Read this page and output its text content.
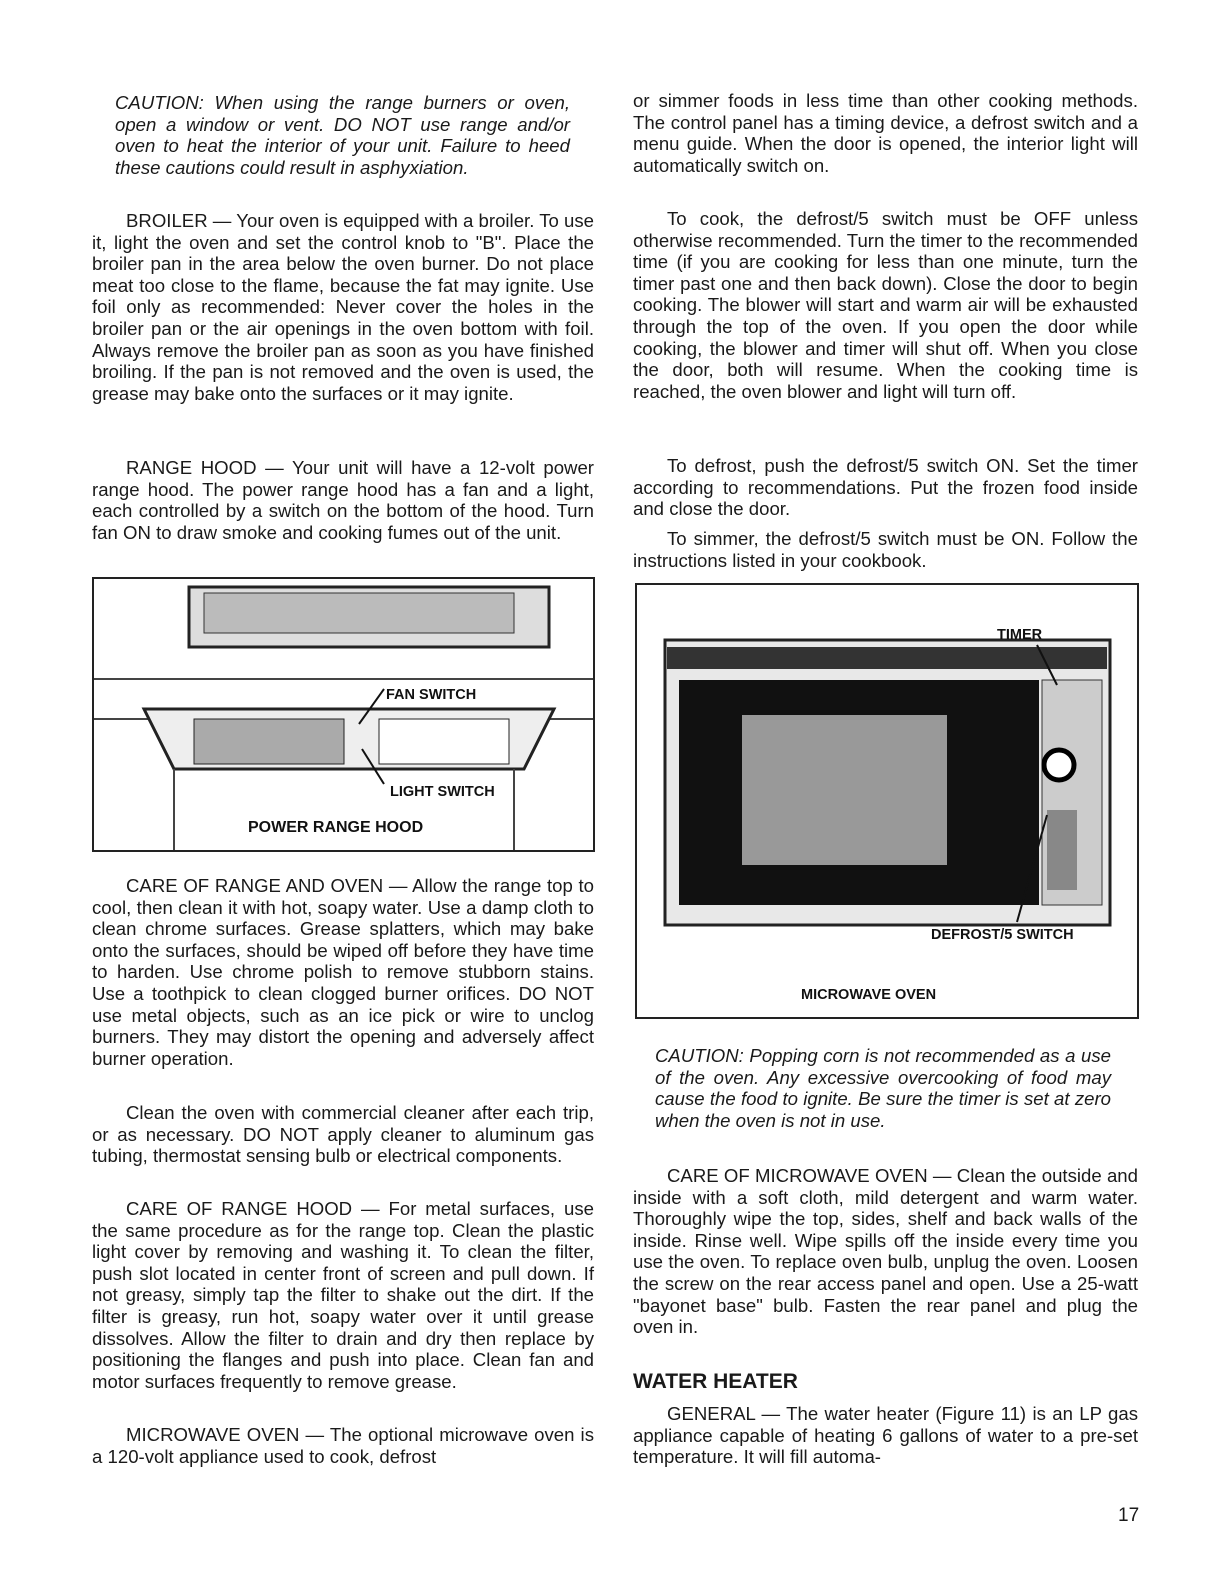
CAUTION: When using the range burners or oven, open a window or vent. DO NOT use range and/or oven to heat the interior of your unit. Failure to heed these cautions could result in asphyxiation.

BROILER — Your oven is equipped with a broiler. To use it, light the oven and set the control knob to "B". Place the broiler pan in the area below the oven burner. Do not place meat too close to the flame, because the fat may ignite. Use foil only as recommended: Never cover the holes in the broiler pan or the air openings in the oven bottom with foil. Always remove the broiler pan as soon as you have finished broiling. If the pan is not removed and the oven is used, the grease may bake onto the surfaces or it may ignite.

RANGE HOOD — Your unit will have a 12-volt power range hood. The power range hood has a fan and a light, each controlled by a switch on the bottom of the hood. Turn fan ON to draw smoke and cooking fumes out of the unit.

FAN SWITCH
LIGHT SWITCH
POWER RANGE HOOD

CARE OF RANGE AND OVEN — Allow the range top to cool, then clean it with hot, soapy water. Use a damp cloth to clean chrome surfaces. Grease splatters, which may bake onto the surfaces, should be wiped off before they have time to harden. Use chrome polish to remove stubborn stains. Use a toothpick to clean clogged burner orifices. DO NOT use metal objects, such as an ice pick or wire to unclog burners. They may distort the opening and adversely affect burner operation.

Clean the oven with commercial cleaner after each trip, or as necessary. DO NOT apply cleaner to aluminum gas tubing, thermostat sensing bulb or electrical components.

CARE OF RANGE HOOD — For metal surfaces, use the same procedure as for the range top. Clean the plastic light cover by removing and washing it. To clean the filter, push slot located in center front of screen and pull down. If not greasy, simply tap the filter to shake out the dirt. If the filter is greasy, run hot, soapy water over it until grease dissolves. Allow the filter to drain and dry then replace by positioning the flanges and push into place. Clean fan and motor surfaces frequently to remove grease.

MICROWAVE OVEN — The optional microwave oven is a 120-volt appliance used to cook, defrost

or simmer foods in less time than other cooking methods. The control panel has a timing device, a defrost switch and a menu guide. When the door is opened, the interior light will automatically switch on.

To cook, the defrost/5 switch must be OFF unless otherwise recommended. Turn the timer to the recommended time (if you are cooking for less than one minute, turn the timer past one and then back down). Close the door to begin cooking. The blower will start and warm air will be exhausted through the top of the oven. If you open the door while cooking, the blower and timer will shut off. When you close the door, both will resume. When the cooking time is reached, the oven blower and light will turn off.

To defrost, push the defrost/5 switch ON. Set the timer according to recommendations. Put the frozen food inside and close the door.

To simmer, the defrost/5 switch must be ON. Follow the instructions listed in your cookbook.

TIMER
DEFROST/5 SWITCH
MICROWAVE OVEN

CAUTION: Popping corn is not recommended as a use of the oven. Any excessive overcooking of food may cause the food to ignite. Be sure the timer is set at zero when the oven is not in use.

CARE OF MICROWAVE OVEN — Clean the outside and inside with a soft cloth, mild detergent and warm water. Thoroughly wipe the top, sides, shelf and back walls of the inside. Rinse well. Wipe spills off the inside every time you use the oven. To replace oven bulb, unplug the oven. Loosen the screw on the rear access panel and open. Use a 25-watt "bayonet base" bulb. Fasten the rear panel and plug the oven in.

WATER HEATER

GENERAL — The water heater (Figure 11) is an LP gas appliance capable of heating 6 gallons of water to a pre-set temperature. It will fill automa-

17
